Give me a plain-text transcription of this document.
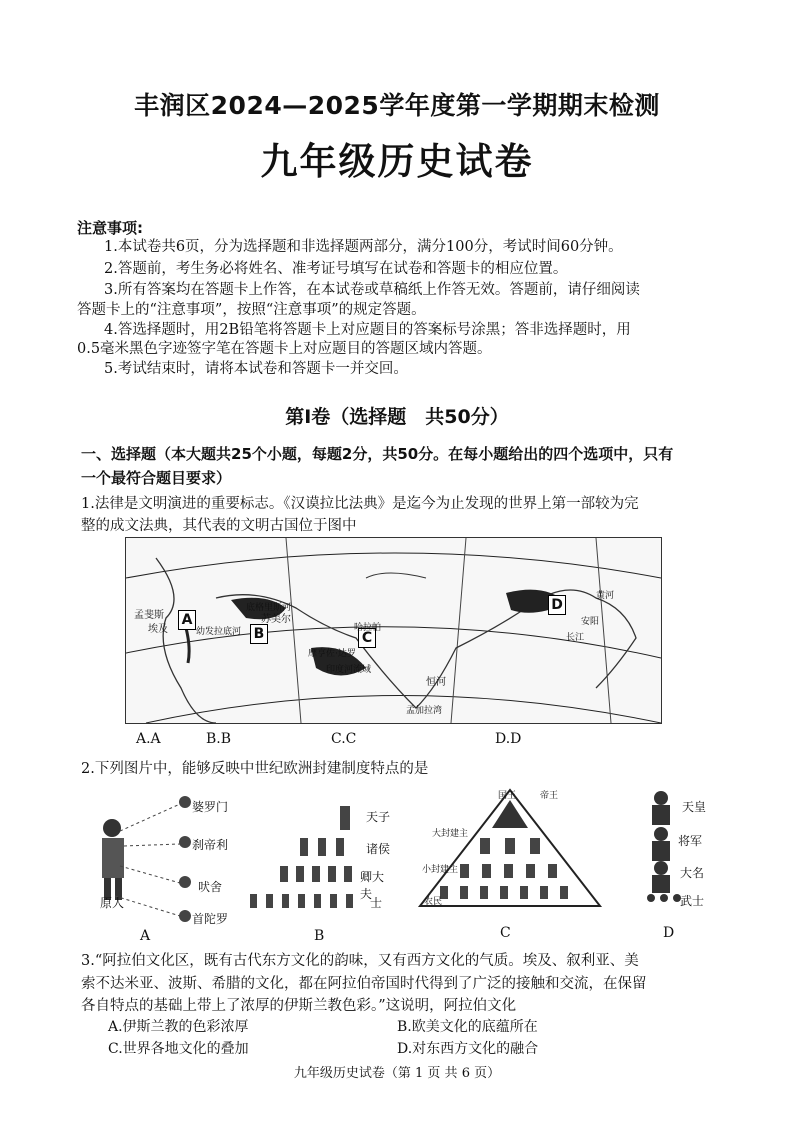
丰润区2024—2025学年度第一学期期末检测
九年级历史试卷
注意事项:
1.本试卷共6页，分为选择题和非选择题两部分，满分100分，考试时间60分钟。
2.答题前，考生务必将姓名、准考证号填写在试卷和答题卡的相应位置。
3.所有答案均在答题卡上作答，在本试卷或草稿纸上作答无效。答题前，请仔细阅读
答题卡上的“注意事项”，按照“注意事项”的规定答题。
4.答选择题时，用2B铅笔将答题卡上对应题目的答案标号涂黑；答非选择题时，用
0.5毫米黑色字迹签字笔在答题卡上对应题目的答题区域内答题。
5.考试结束时，请将本试卷和答题卡一并交回。
第I卷（选择题　共50分）
一、选择题（本大题共25个小题，每题2分，共50分。在每小题给出的四个选项中，只有
一个最符合题目要求）
1.法律是文明演进的重要标志。《汉谟拉比法典》是迄今为止发现的世界上第一部较为完
整的成文法典，其代表的文明古国位于图中
A
B	C
D
孟斐斯
埃及
底格里斯河
苏美尔
幼发拉底河
摩亨佐·达罗
恒河
哈拉帕
印度河流域
黄河
长江
安阳
孟加拉湾
A.A	B.B	C.C	D.D
2.下列图片中，能够反映中世纪欧洲封建制度特点的是
婆罗门
刹帝利
吠舍
首陀罗
原人
天子
诸侯
卿大夫
士
国王	帝王
大封建主
小封建主
农民
天皇
将军
大名
武士
A	B	C	D
3.“阿拉伯文化区，既有古代东方文化的韵味，又有西方文化的气质。埃及、叙利亚、美
索不达米亚、波斯、希腊的文化，都在阿拉伯帝国时代得到了广泛的接触和交流，在保留
各自特点的基础上带上了浓厚的伊斯兰教色彩。”这说明，阿拉伯文化
A.伊斯兰教的色彩浓厚	B.欧美文化的底蕴所在
C.世界各地文化的叠加	D.对东西方文化的融合
九年级历史试卷（第 1 页 共 6 页）
